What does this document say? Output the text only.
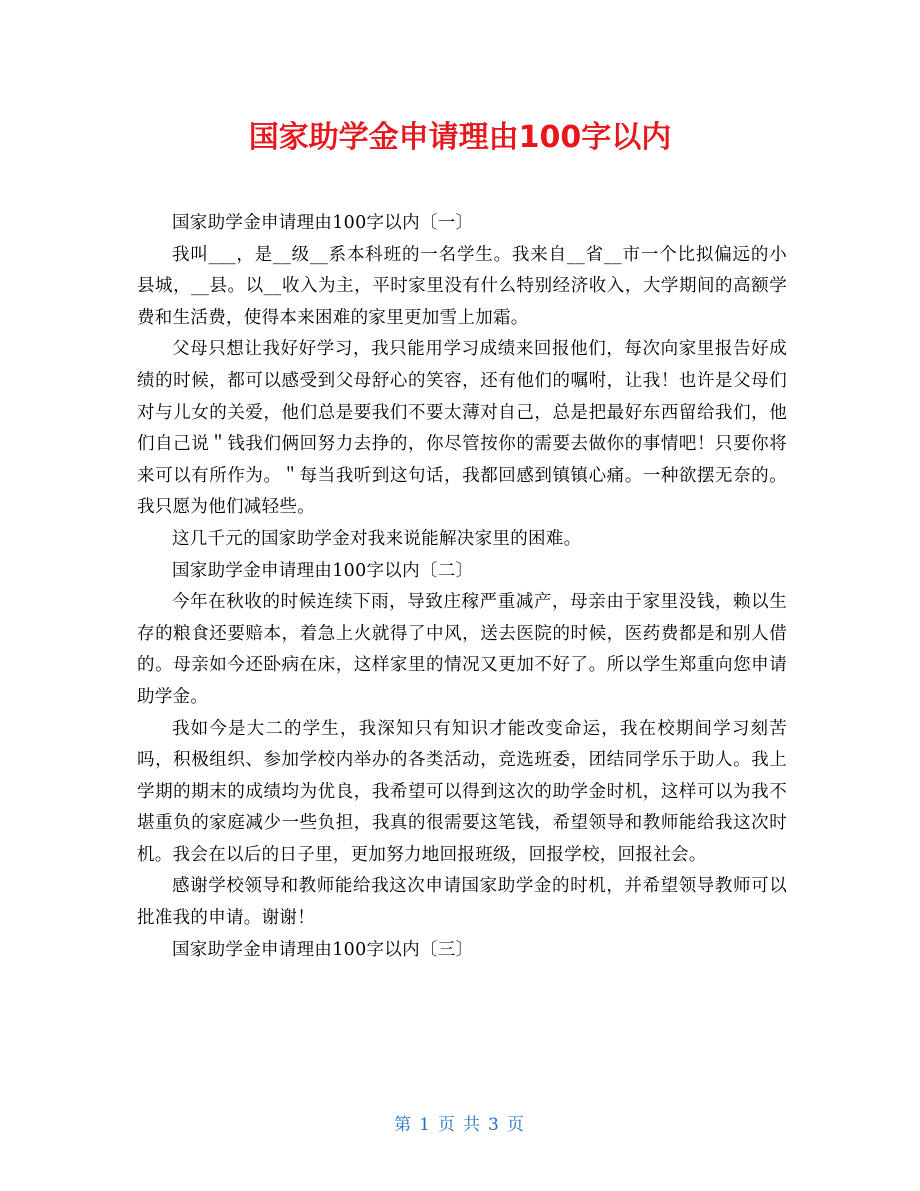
国家助学金申请理由100字以内

国家助学金申请理由100字以内〔一〕

我叫___，是__级__系本科班的一名学生。我来自__省__市一个比拟偏远的小县城，__县。以__收入为主，平时家里没有什么特别经济收入，大学期间的高额学费和生活费，使得本来困难的家里更加雪上加霜。

父母只想让我好好学习，我只能用学习成绩来回报他们，每次向家里报告好成绩的时候，都可以感受到父母舒心的笑容，还有他们的嘱咐，让我！也许是父母们对与儿女的关爱，他们总是要我们不要太薄对自己，总是把最好东西留给我们，他们自己说＂钱我们俩回努力去挣的，你尽管按你的需要去做你的事情吧！只要你将来可以有所作为。＂每当我听到这句话，我都回感到镇镇心痛。一种欲摆无奈的。我只愿为他们减轻些。

这几千元的国家助学金对我来说能解决家里的困难。

国家助学金申请理由100字以内〔二〕

今年在秋收的时候连续下雨，导致庄稼严重减产，母亲由于家里没钱，赖以生存的粮食还要赔本，着急上火就得了中风，送去医院的时候，医药费都是和别人借的。母亲如今还卧病在床，这样家里的情况又更加不好了。所以学生郑重向您申请助学金。

我如今是大二的学生，我深知只有知识才能改变命运，我在校期间学习刻苦吗，积极组织、参加学校内举办的各类活动，竞选班委，团结同学乐于助人。我上学期的期末的成绩均为优良，我希望可以得到这次的助学金时机，这样可以为我不堪重负的家庭减少一些负担，我真的很需要这笔钱，希望领导和教师能给我这次时机。我会在以后的日子里，更加努力地回报班级，回报学校，回报社会。

感谢学校领导和教师能给我这次申请国家助学金的时机，并希望领导教师可以批准我的申请。谢谢！

国家助学金申请理由100字以内〔三〕

第 1 页 共 3 页
